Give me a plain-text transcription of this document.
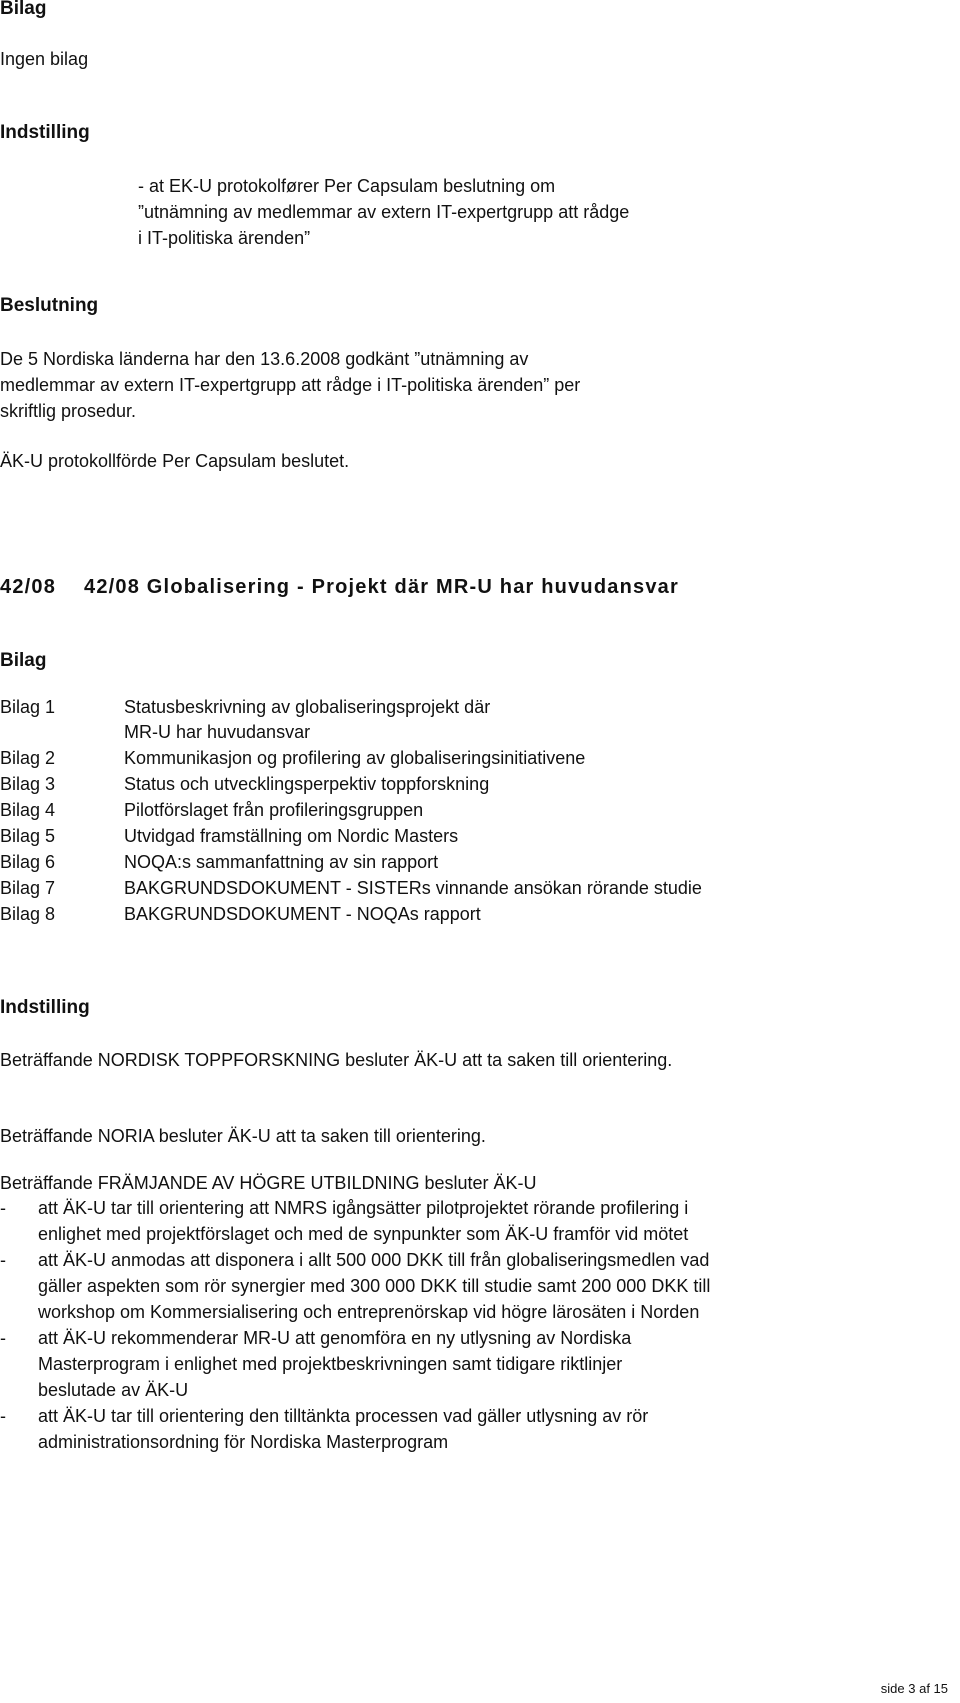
Bilag
Ingen bilag
Indstilling
- at EK-U protokolfører Per Capsulam beslutning om
”utnämning av medlemmar av extern IT-expertgrupp att rådge
i IT-politiska ärenden”
Beslutning
De 5 Nordiska länderna har den 13.6.2008 godkänt ”utnämning av
medlemmar av extern IT-expertgrupp att rådge i IT-politiska ärenden” per
skriftlig prosedur.
ÄK-U protokollförde Per Capsulam beslutet.
42/08 42/08 Globalisering - Projekt där MR-U har huvudansvar
Bilag
Bilag 1	Statusbeskrivning av globaliseringsprojekt där MR-U har huvudansvar
Bilag 2	Kommunikasjon og profilering av globaliseringsinitiativene
Bilag 3	Status och utvecklingsperpektiv toppforskning
Bilag 4	Pilotförslaget från profileringsgruppen
Bilag 5	Utvidgad framställning om Nordic Masters
Bilag 6	NOQA:s sammanfattning av sin rapport
Bilag 7	BAKGRUNDSDOKUMENT - SISTERs vinnande ansökan rörande studie
Bilag 8	BAKGRUNDSDOKUMENT - NOQAs rapport
Indstilling
Beträffande NORDISK TOPPFORSKNING besluter ÄK-U att ta saken till orientering.
Beträffande NORIA besluter ÄK-U att ta saken till orientering.
Beträffande FRÄMJANDE AV HÖGRE UTBILDNING besluter ÄK-U
-	att ÄK-U tar till orientering att NMRS igångsätter pilotprojektet rörande profilering i enlighet med projektförslaget och med de synpunkter som ÄK-U framför vid mötet
-	att ÄK-U anmodas att disponera i allt 500 000 DKK till från globaliseringsmedlen vad gäller aspekten som rör synergier med 300 000 DKK till studie samt 200 000 DKK till workshop om Kommersialisering och entreprenörskap vid högre lärosäten i Norden
-	att ÄK-U rekommenderar MR-U att genomföra en ny utlysning av Nordiska Masterprogram i enlighet med projektbeskrivningen samt tidigare riktlinjer beslutade av ÄK-U
-	att ÄK-U tar till orientering den tilltänkta processen vad gäller utlysning av rör administrationsordning för Nordiska Masterprogram
side 3 af 15
